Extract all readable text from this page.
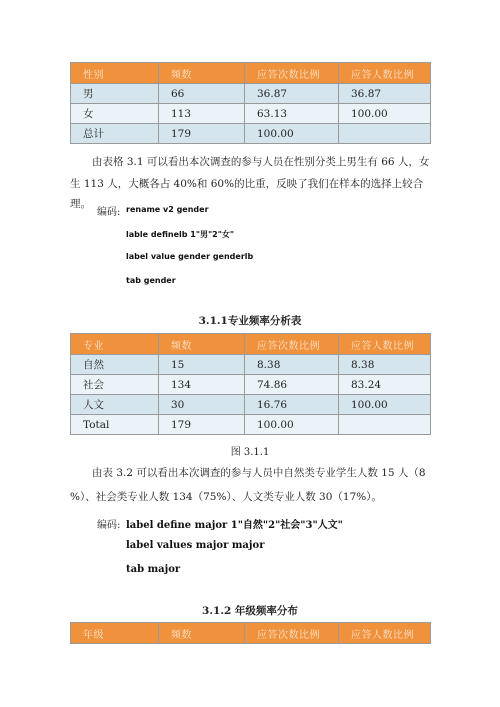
性别	频数	应答次数比例	应答人数比例
男	66	36.87	36.87
女	113	63.13	100.00
总计	179	100.00	

由表格 3.1 可以看出本次调查的参与人员在性别分类上男生有 66 人，女

生 113 人，大概各占 40%和 60%的比重，反映了我们在样本的选择上较合理。

编码: rename v2 gender
lable definelb 1"男"2"女"
label value gender genderlb
tab gender
3.1.1专业频率分析表
专业	频数	应答次数比例	应答人数比例
自然	15	8.38	8.38
社会	134	74.86	83.24
人文	30	16.76	100.00
Total	179	100.00	
图 3.1.1

由表 3.2 可以看出本次调查的参与人员中自然类专业学生人数 15 人（8

%）、社会类专业人数 134（75%）、人文类专业人数 30（17%）。

编码: label define major 1"自然"2"社会"3"人文"
label values major major
tab major
3.1.2 年级频率分布
年级	频数	应答次数比例	应答人数比例
